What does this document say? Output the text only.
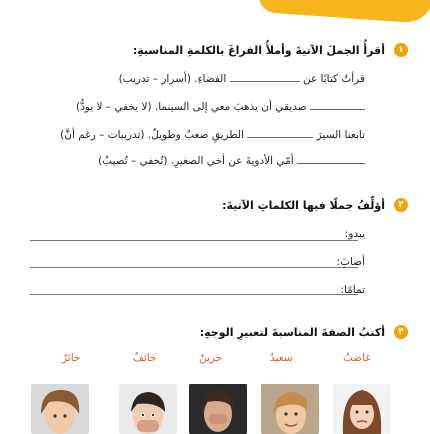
١
أقرأُ الجملَ الآتيةَ وأملأُ الفراغَ بالكلمةِ المناسبةِ:
قرأتُ كتابًا عن  الفضاءِ. (أسرار – تدريب)
صديقي أن يذهبَ معي إلى السينما. (لا يخفي – لا يودُّ)
تابعنا السيرَ  الطريقِ صعبٌ وطويلٌ. (تدريبات – رغم أنَّ)
أمّي الأدويةَ عن أخي الصغيرِ. (تُخفي – تُصيبُ)
٢
أؤلِّفُ جملًا فيها الكلماتِ الآتيةَ:
يبدو:
أصابَ:
تمامًا:
٣
أكتبُ الصفةَ المناسبةَ لتعبيرِ الوجهِ:
غاضبٌ
سعيدٌ
حزينٌ
خائفٌ
حائرٌ
